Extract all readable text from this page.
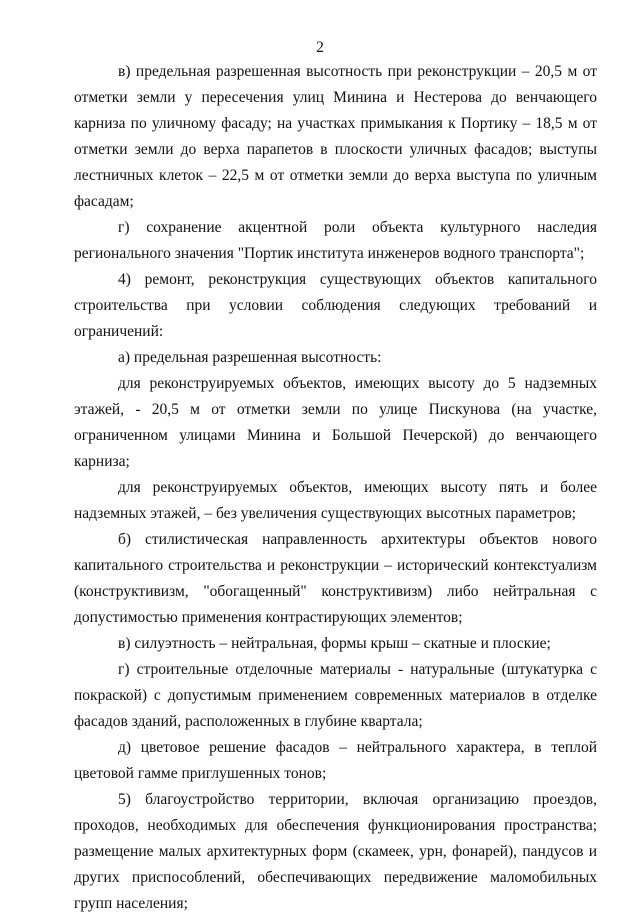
2

в) предельная разрешенная высотность при реконструкции – 20,5 м от отметки земли у пересечения улиц Минина и Нестерова до венчающего карниза по уличному фасаду; на участках примыкания к Портику – 18,5 м от отметки земли до верха парапетов в плоскости уличных фасадов; выступы лестничных клеток – 22,5 м от отметки земли до верха выступа по уличным фасадам;

г) сохранение акцентной роли объекта культурного наследия регионального значения "Портик института инженеров водного транспорта";

4) ремонт, реконструкция существующих объектов капитального строительства при условии соблюдения следующих требований и ограничений:

а) предельная разрешенная высотность:

для реконструируемых объектов, имеющих высоту до 5 надземных этажей, - 20,5 м от отметки земли по улице Пискунова (на участке, ограниченном улицами Минина и Большой Печерской) до венчающего карниза;

для реконструируемых объектов, имеющих высоту пять и более надземных этажей, – без увеличения существующих высотных параметров;

б) стилистическая направленность архитектуры объектов нового капитального строительства и реконструкции – исторический контекстуализм (конструктивизм, "обогащенный" конструктивизм) либо нейтральная с допустимостью применения контрастирующих элементов;

в) силуэтность – нейтральная, формы крыш – скатные и плоские;

г) строительные отделочные материалы - натуральные (штукатурка с покраской) с допустимым применением современных материалов в отделке фасадов зданий, расположенных в глубине квартала;

д) цветовое решение фасадов – нейтрального характера, в теплой цветовой гамме приглушенных тонов;

5) благоустройство территории, включая организацию проездов, проходов, необходимых для обеспечения функционирования пространства; размещение малых архитектурных форм (скамеек, урн, фонарей), пандусов и других приспособлений, обеспечивающих передвижение маломобильных групп населения;
